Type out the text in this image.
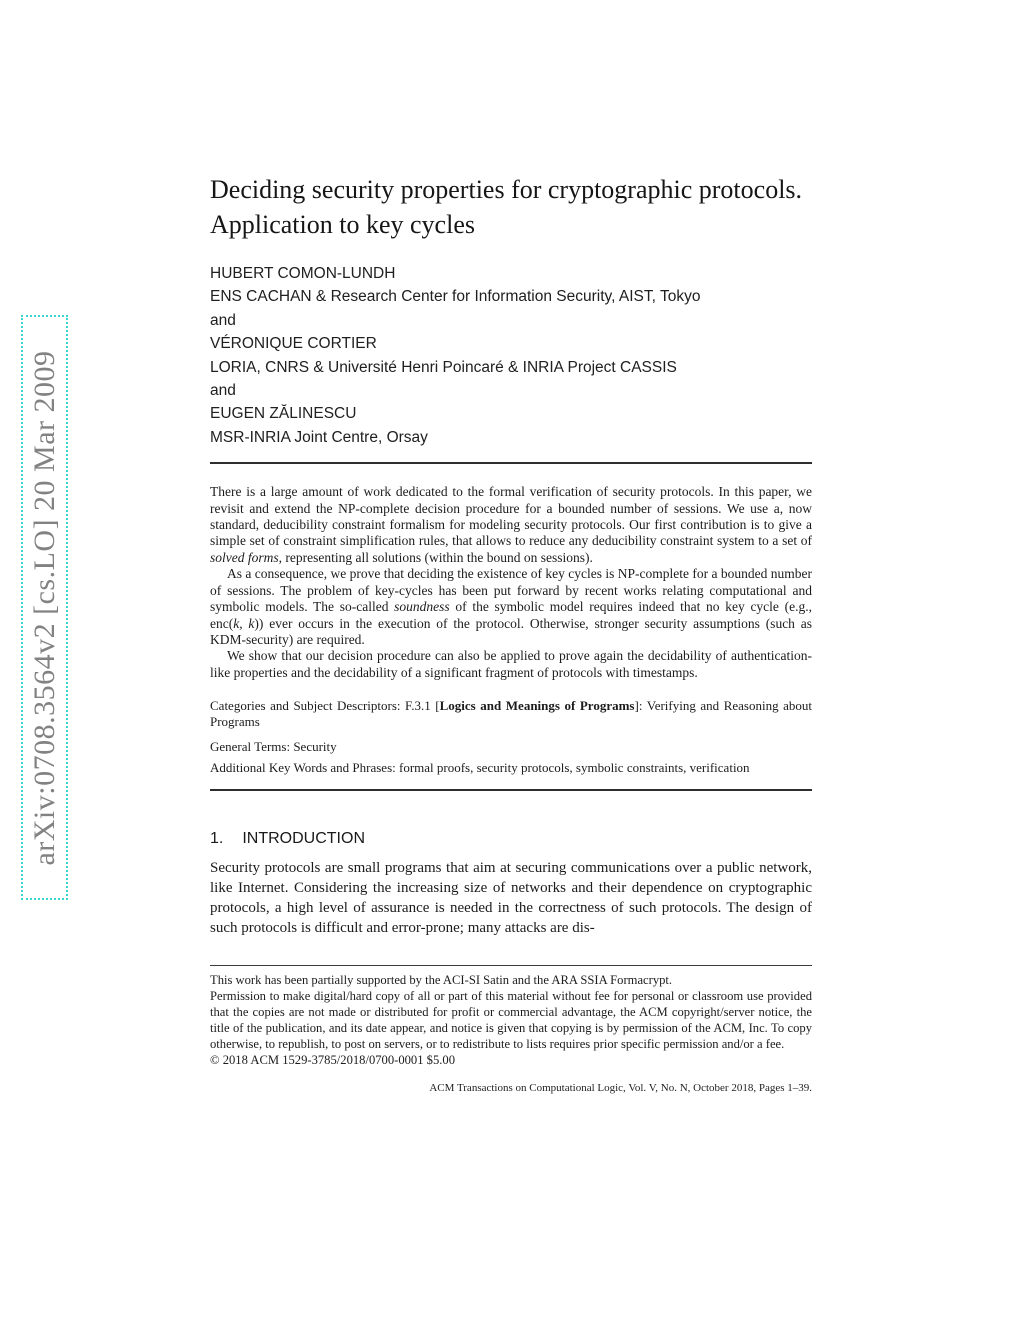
arXiv:0708.3564v2 [cs.LO] 20 Mar 2009
Deciding security properties for cryptographic protocols. Application to key cycles
HUBERT COMON-LUNDH
ENS CACHAN & Research Center for Information Security, AIST, Tokyo
and
VÉRONIQUE CORTIER
LORIA, CNRS & Université Henri Poincaré & INRIA Project CASSIS
and
EUGEN ZĂLINESCU
MSR-INRIA Joint Centre, Orsay

There is a large amount of work dedicated to the formal verification of security protocols. In this paper, we revisit and extend the NP-complete decision procedure for a bounded number of sessions. We use a, now standard, deducibility constraint formalism for modeling security protocols. Our first contribution is to give a simple set of constraint simplification rules, that allows to reduce any deducibility constraint system to a set of solved forms, representing all solutions (within the bound on sessions).

As a consequence, we prove that deciding the existence of key cycles is NP-complete for a bounded number of sessions. The problem of key-cycles has been put forward by recent works relating computational and symbolic models. The so-called soundness of the symbolic model requires indeed that no key cycle (e.g., enc(k, k)) ever occurs in the execution of the protocol. Otherwise, stronger security assumptions (such as KDM-security) are required.

We show that our decision procedure can also be applied to prove again the decidability of authentication-like properties and the decidability of a significant fragment of protocols with timestamps.

Categories and Subject Descriptors: F.3.1 [Logics and Meanings of Programs]: Verifying and Reasoning about Programs

General Terms: Security

Additional Key Words and Phrases: formal proofs, security protocols, symbolic constraints, verification

1. INTRODUCTION

Security protocols are small programs that aim at securing communications over a public network, like Internet. Considering the increasing size of networks and their dependence on cryptographic protocols, a high level of assurance is needed in the correctness of such protocols. The design of such protocols is difficult and error-prone; many attacks are dis-

This work has been partially supported by the ACI-SI Satin and the ARA SSIA Formacrypt.

Permission to make digital/hard copy of all or part of this material without fee for personal or classroom use provided that the copies are not made or distributed for profit or commercial advantage, the ACM copyright/server notice, the title of the publication, and its date appear, and notice is given that copying is by permission of the ACM, Inc. To copy otherwise, to republish, to post on servers, or to redistribute to lists requires prior specific permission and/or a fee.

© 2018 ACM 1529-3785/2018/0700-0001 $5.00

ACM Transactions on Computational Logic, Vol. V, No. N, October 2018, Pages 1–39.
